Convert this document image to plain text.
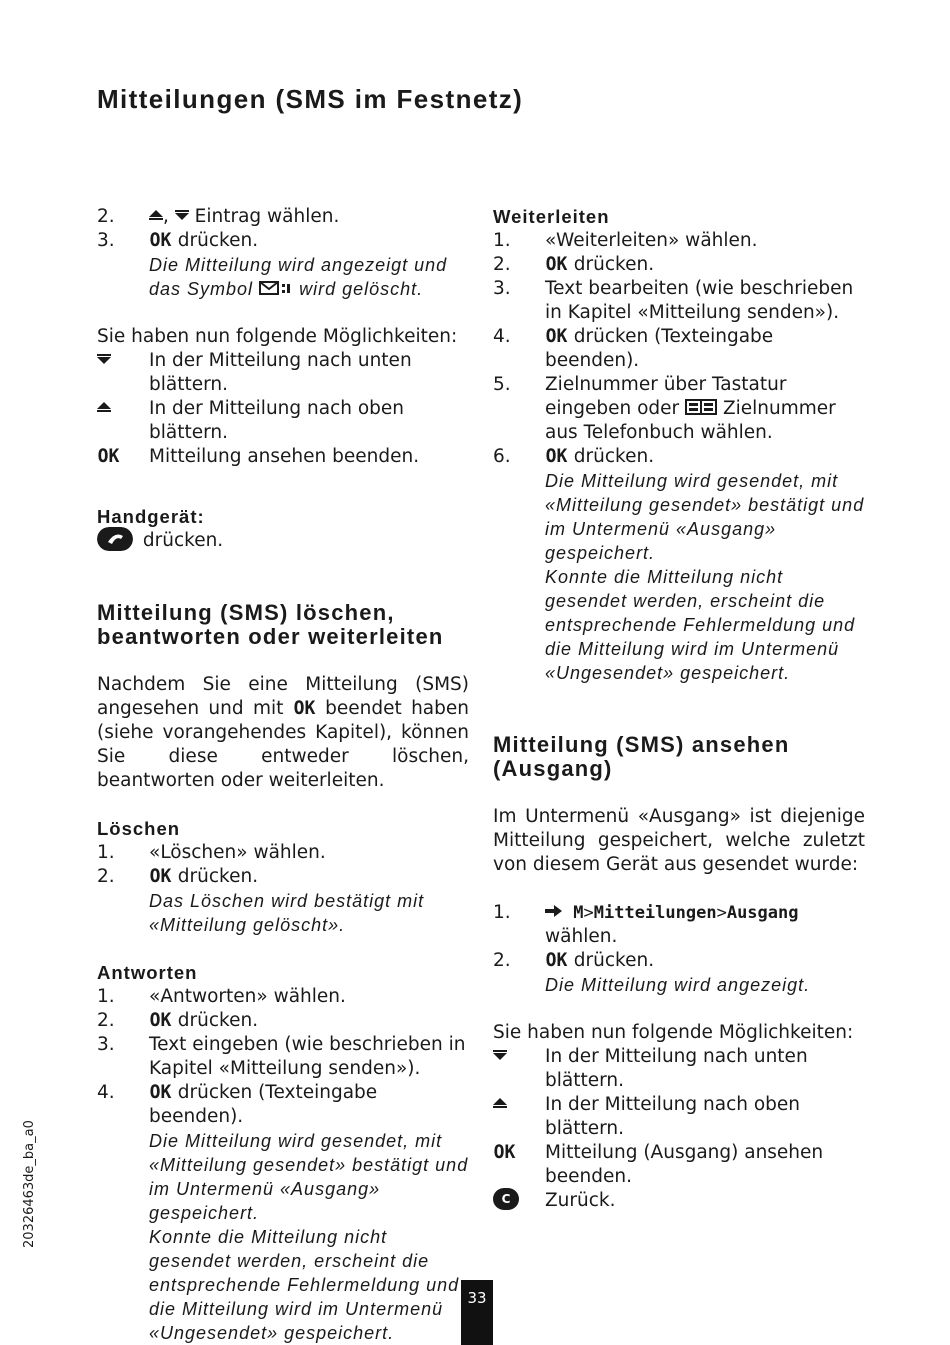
Mitteilungen (SMS im Festnetz)
2.	,
Eintrag wählen.
3.	OK drücken.
Die Mitteilung wird angezeigt und
das Symbol	wird gelöscht.

Sie haben nun folgende Möglichkeiten:

In der Mitteilung nach unten blättern.
In der Mitteilung nach oben blättern.
OK	Mitteilung ansehen beenden.

Handgerät:

drücken.

Mitteilung (SMS) löschen,
beantworten oder weiterleiten

Nachdem Sie eine Mitteilung (SMS) angesehen und mit OK beendet haben (siehe vorangehendes Kapitel), können Sie diese entweder löschen, beantworten oder weiterleiten.

Löschen

1.	«Löschen» wählen.
2.	OK drücken.
Das Löschen wird bestätigt mit «Mitteilung gelöscht».

Antworten

1.	«Antworten» wählen.
2.	OK drücken.
3.	Text eingeben (wie beschrieben in Kapitel «Mitteilung senden»).
4.	OK drücken (Texteingabe beenden).
Die Mitteilung wird gesendet, mit «Mitteilung gesendet» bestätigt und im Untermenü «Ausgang» gespeichert.
Konnte die Mitteilung nicht gesendet werden, erscheint die entsprechende Fehlermeldung und die Mitteilung wird im Untermenü «Ungesendet» gespeichert.

Weiterleiten

1.	«Weiterleiten» wählen.
2.	OK drücken.
3.	Text bearbeiten (wie beschrieben in Kapitel «Mitteilung senden»).
4.	OK drücken (Texteingabe beenden).
5.	Zielnummer über Tastatur eingeben oder Zielnummer aus Telefonbuch wählen.
6.	OK drücken.
Die Mitteilung wird gesendet, mit «Mitteilung gesendet» bestätigt und im Untermenü «Ausgang» gespeichert.
Konnte die Mitteilung nicht gesendet werden, erscheint die entsprechende Fehlermeldung und die Mitteilung wird im Untermenü «Ungesendet» gespeichert.

Mitteilung (SMS) ansehen
(Ausgang)

Im Untermenü «Ausgang» ist diejenige Mitteilung gespeichert, welche zuletzt von diesem Gerät aus gesendet wurde:

1.	M>Mitteilungen>Ausgang
wählen.
2.	OK drücken.
Die Mitteilung wird angezeigt.

Sie haben nun folgende Möglichkeiten:

In der Mitteilung nach unten blättern.
In der Mitteilung nach oben blättern.
OK	Mitteilung (Ausgang) ansehen beenden.
C	Zurück.
20326463de_ba_a0
33
